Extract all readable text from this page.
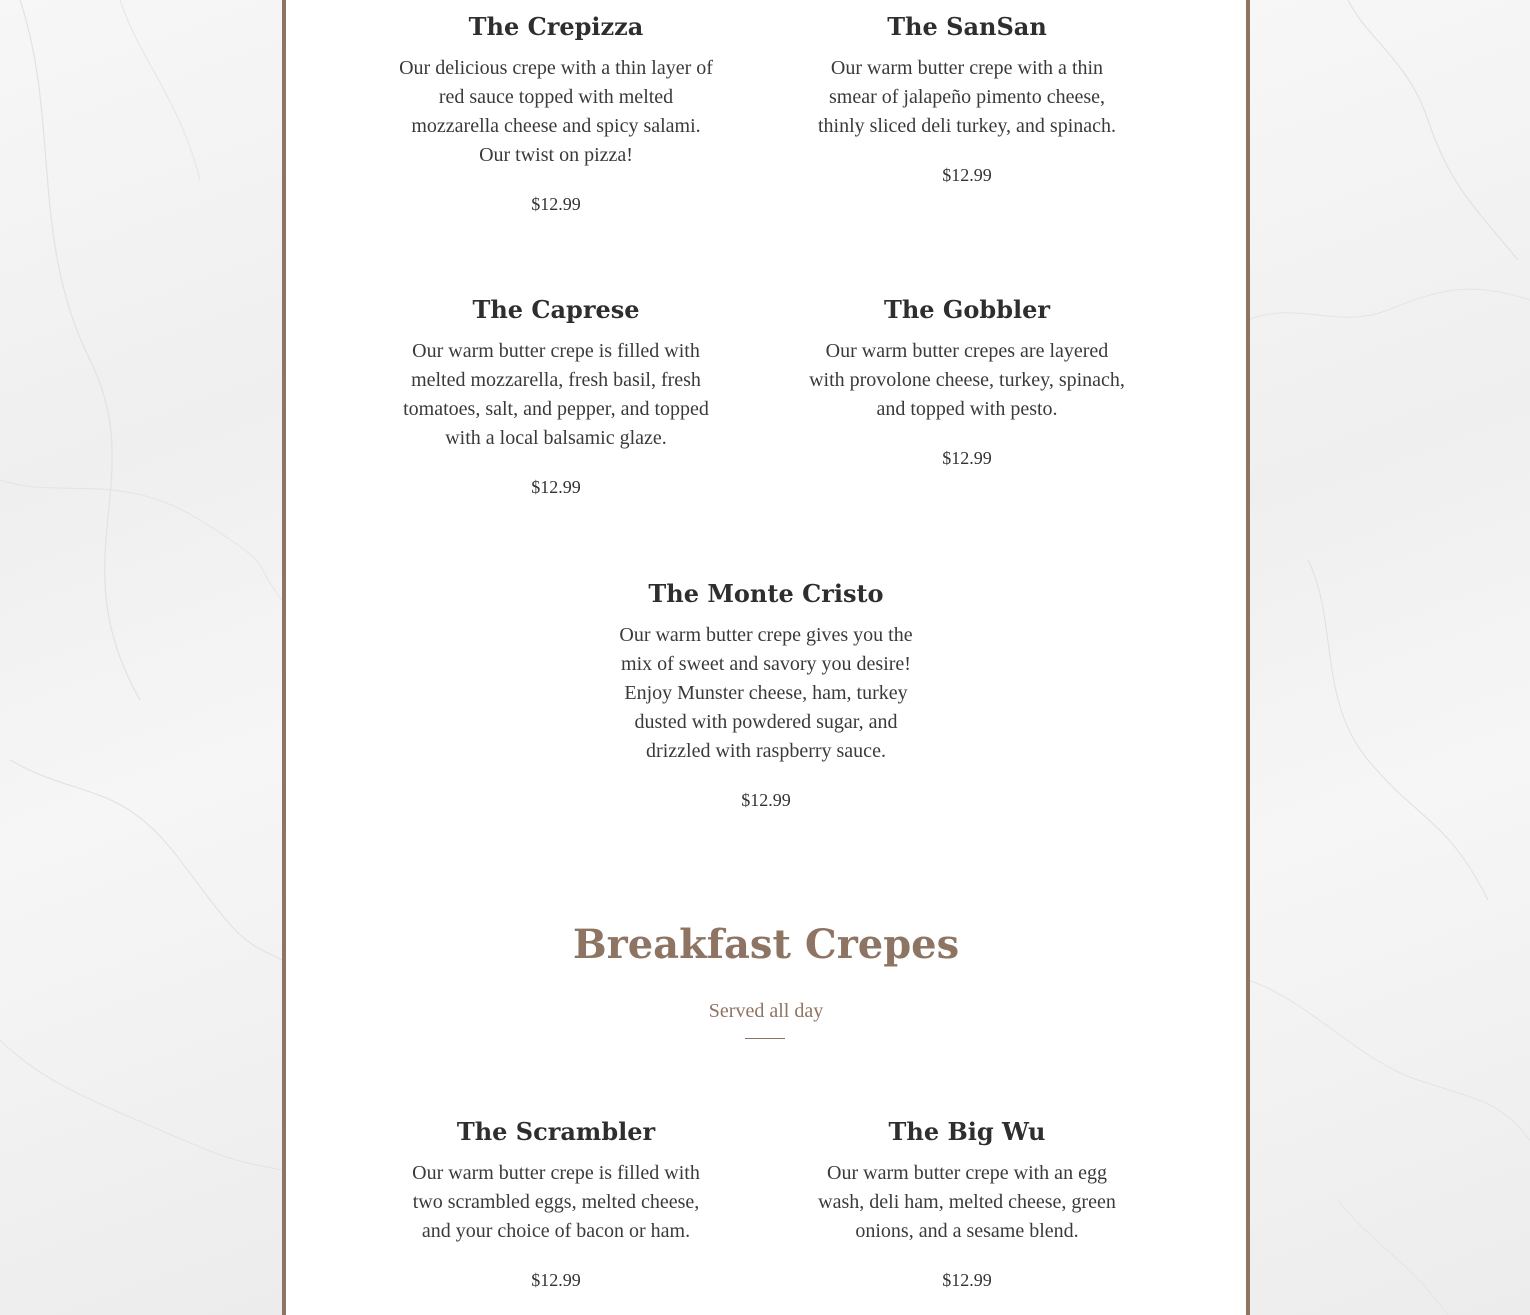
The Crepizza

Our delicious crepe with a thin layer of red sauce topped with melted mozzarella cheese and spicy salami. Our twist on pizza!

$12.99

The SanSan

Our warm butter crepe with a thin smear of jalapeño pimento cheese, thinly sliced deli turkey, and spinach.

$12.99

The Caprese

Our warm butter crepe is filled with melted mozzarella, fresh basil, fresh tomatoes, salt, and pepper, and topped with a local balsamic glaze.

$12.99

The Gobbler

Our warm butter crepes are layered with provolone cheese, turkey, spinach, and topped with pesto.

$12.99

The Monte Cristo

Our warm butter crepe gives you the mix of sweet and savory you desire! Enjoy Munster cheese, ham, turkey dusted with powdered sugar, and drizzled with raspberry sauce.

$12.99

Breakfast Crepes

Served all day

The Scrambler

Our warm butter crepe is filled with two scrambled eggs, melted cheese, and your choice of bacon or ham.

$12.99

The Big Wu

Our warm butter crepe with an egg wash, deli ham, melted cheese, green onions, and a sesame blend.

$12.99
